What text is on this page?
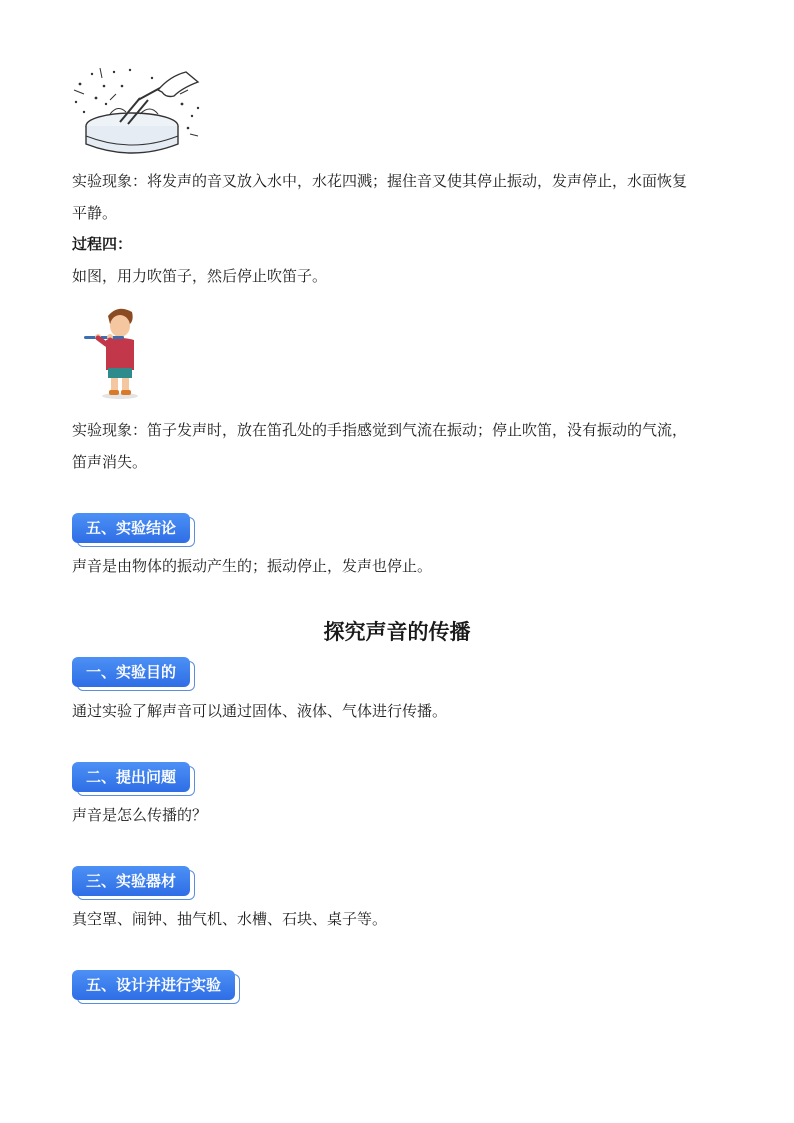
实验现象：将发声的音叉放入水中，水花四溅；握住音叉使其停止振动，发声停止，水面恢复

平静。

过程四：

如图，用力吹笛子，然后停止吹笛子。

实验现象：笛子发声时，放在笛孔处的手指感觉到气流在振动；停止吹笛，没有振动的气流，

笛声消失。

五、实验结论

声音是由物体的振动产生的；振动停止，发声也停止。

探究声音的传播
一、实验目的

通过实验了解声音可以通过固体、液体、气体进行传播。

二、提出问题

声音是怎么传播的？

三、实验器材

真空罩、闹钟、抽气机、水槽、石块、桌子等。

五、设计并进行实验
